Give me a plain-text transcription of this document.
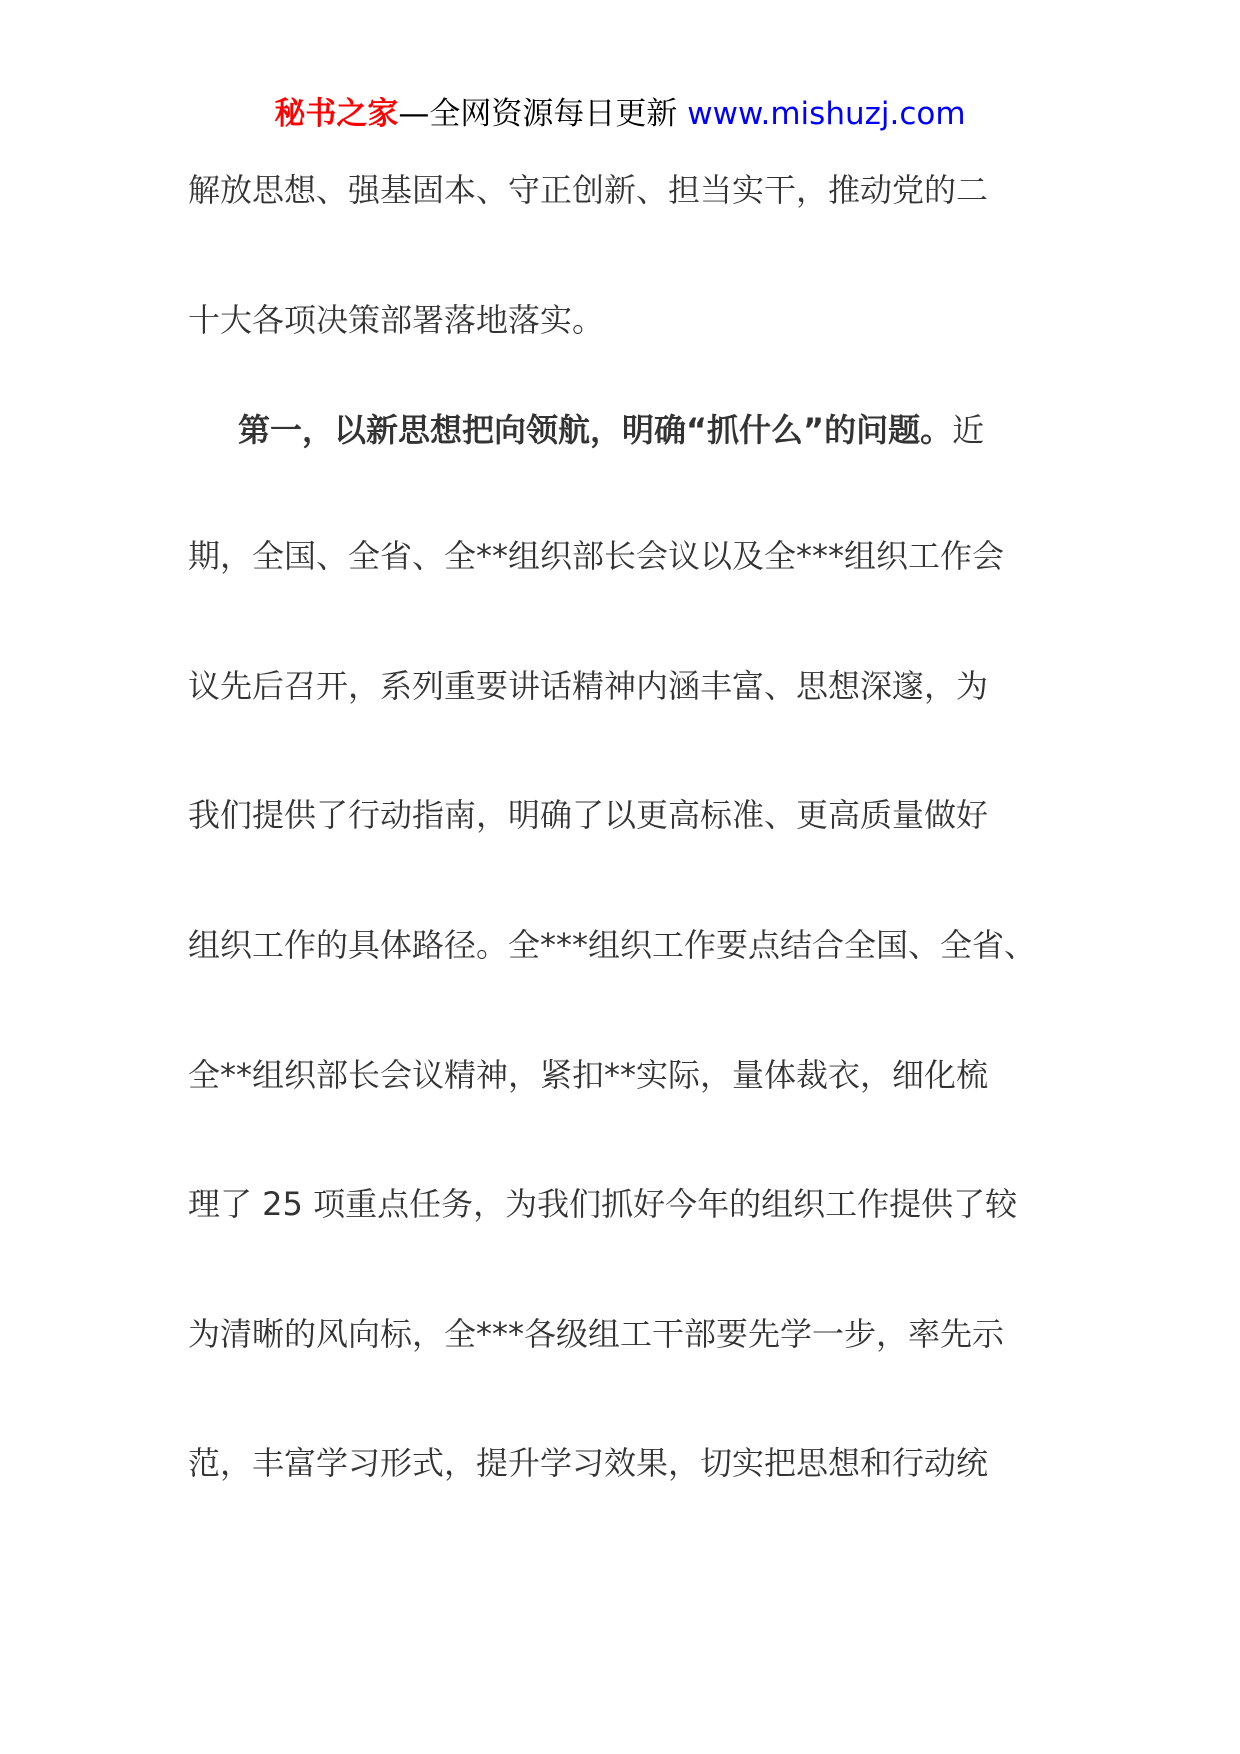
秘书之家—全网资源每日更新 www.mishuzj.com
解放思想、强基固本、守正创新、担当实干，推动党的二
十大各项决策部署落地落实。
第一，以新思想把向领航，明确“抓什么”的问题。近
期，全国、全省、全**组织部长会议以及全***组织工作会
议先后召开，系列重要讲话精神内涵丰富、思想深邃，为
我们提供了行动指南，明确了以更高标准、更高质量做好
组织工作的具体路径。全***组织工作要点结合全国、全省、
全**组织部长会议精神，紧扣**实际，量体裁衣，细化梳
理了 25 项重点任务，为我们抓好今年的组织工作提供了较
为清晰的风向标，全***各级组工干部要先学一步，率先示
范，丰富学习形式，提升学习效果，切实把思想和行动统
